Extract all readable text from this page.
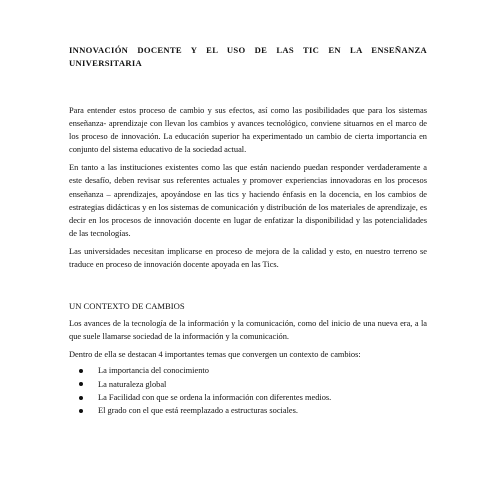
INNOVACIÓN DOCENTE Y EL USO DE LAS TIC EN LA ENSEÑANZA UNIVERSITARIA

Para entender estos proceso de cambio y sus efectos, así como las posibilidades que para los sistemas enseñanza- aprendizaje con llevan los cambios y avances tecnológico, conviene situarnos en el marco de los proceso de innovación. La educación superior ha experimentado un cambio de cierta importancia en conjunto del sistema educativo de la sociedad actual.

En tanto a las instituciones existentes como las que están naciendo puedan responder verdaderamente a este desafío, deben revisar sus referentes actuales y promover experiencias innovadoras en los procesos enseñanza – aprendizajes, apoyándose en las tics y haciendo énfasis en la docencia, en los cambios de estrategias didácticas y en los sistemas de comunicación y distribución de los materiales de aprendizaje, es decir en los procesos de innovación docente en lugar de enfatizar la disponibilidad y las potencialidades de las tecnologías.

Las universidades necesitan implicarse en proceso de mejora de la calidad y esto, en nuestro terreno se traduce en proceso de innovación docente apoyada en las Tics.

UN CONTEXTO DE CAMBIOS

Los avances de la tecnología de la información y la comunicación, como del inicio de una nueva era, a la que suele llamarse sociedad de la información y la comunicación.

Dentro de ella se destacan 4 importantes temas que convergen un contexto de cambios:

La importancia del conocimiento
La naturaleza global
La Facilidad con que se ordena la información con diferentes medios.
El grado con el que está reemplazado a estructuras sociales.
